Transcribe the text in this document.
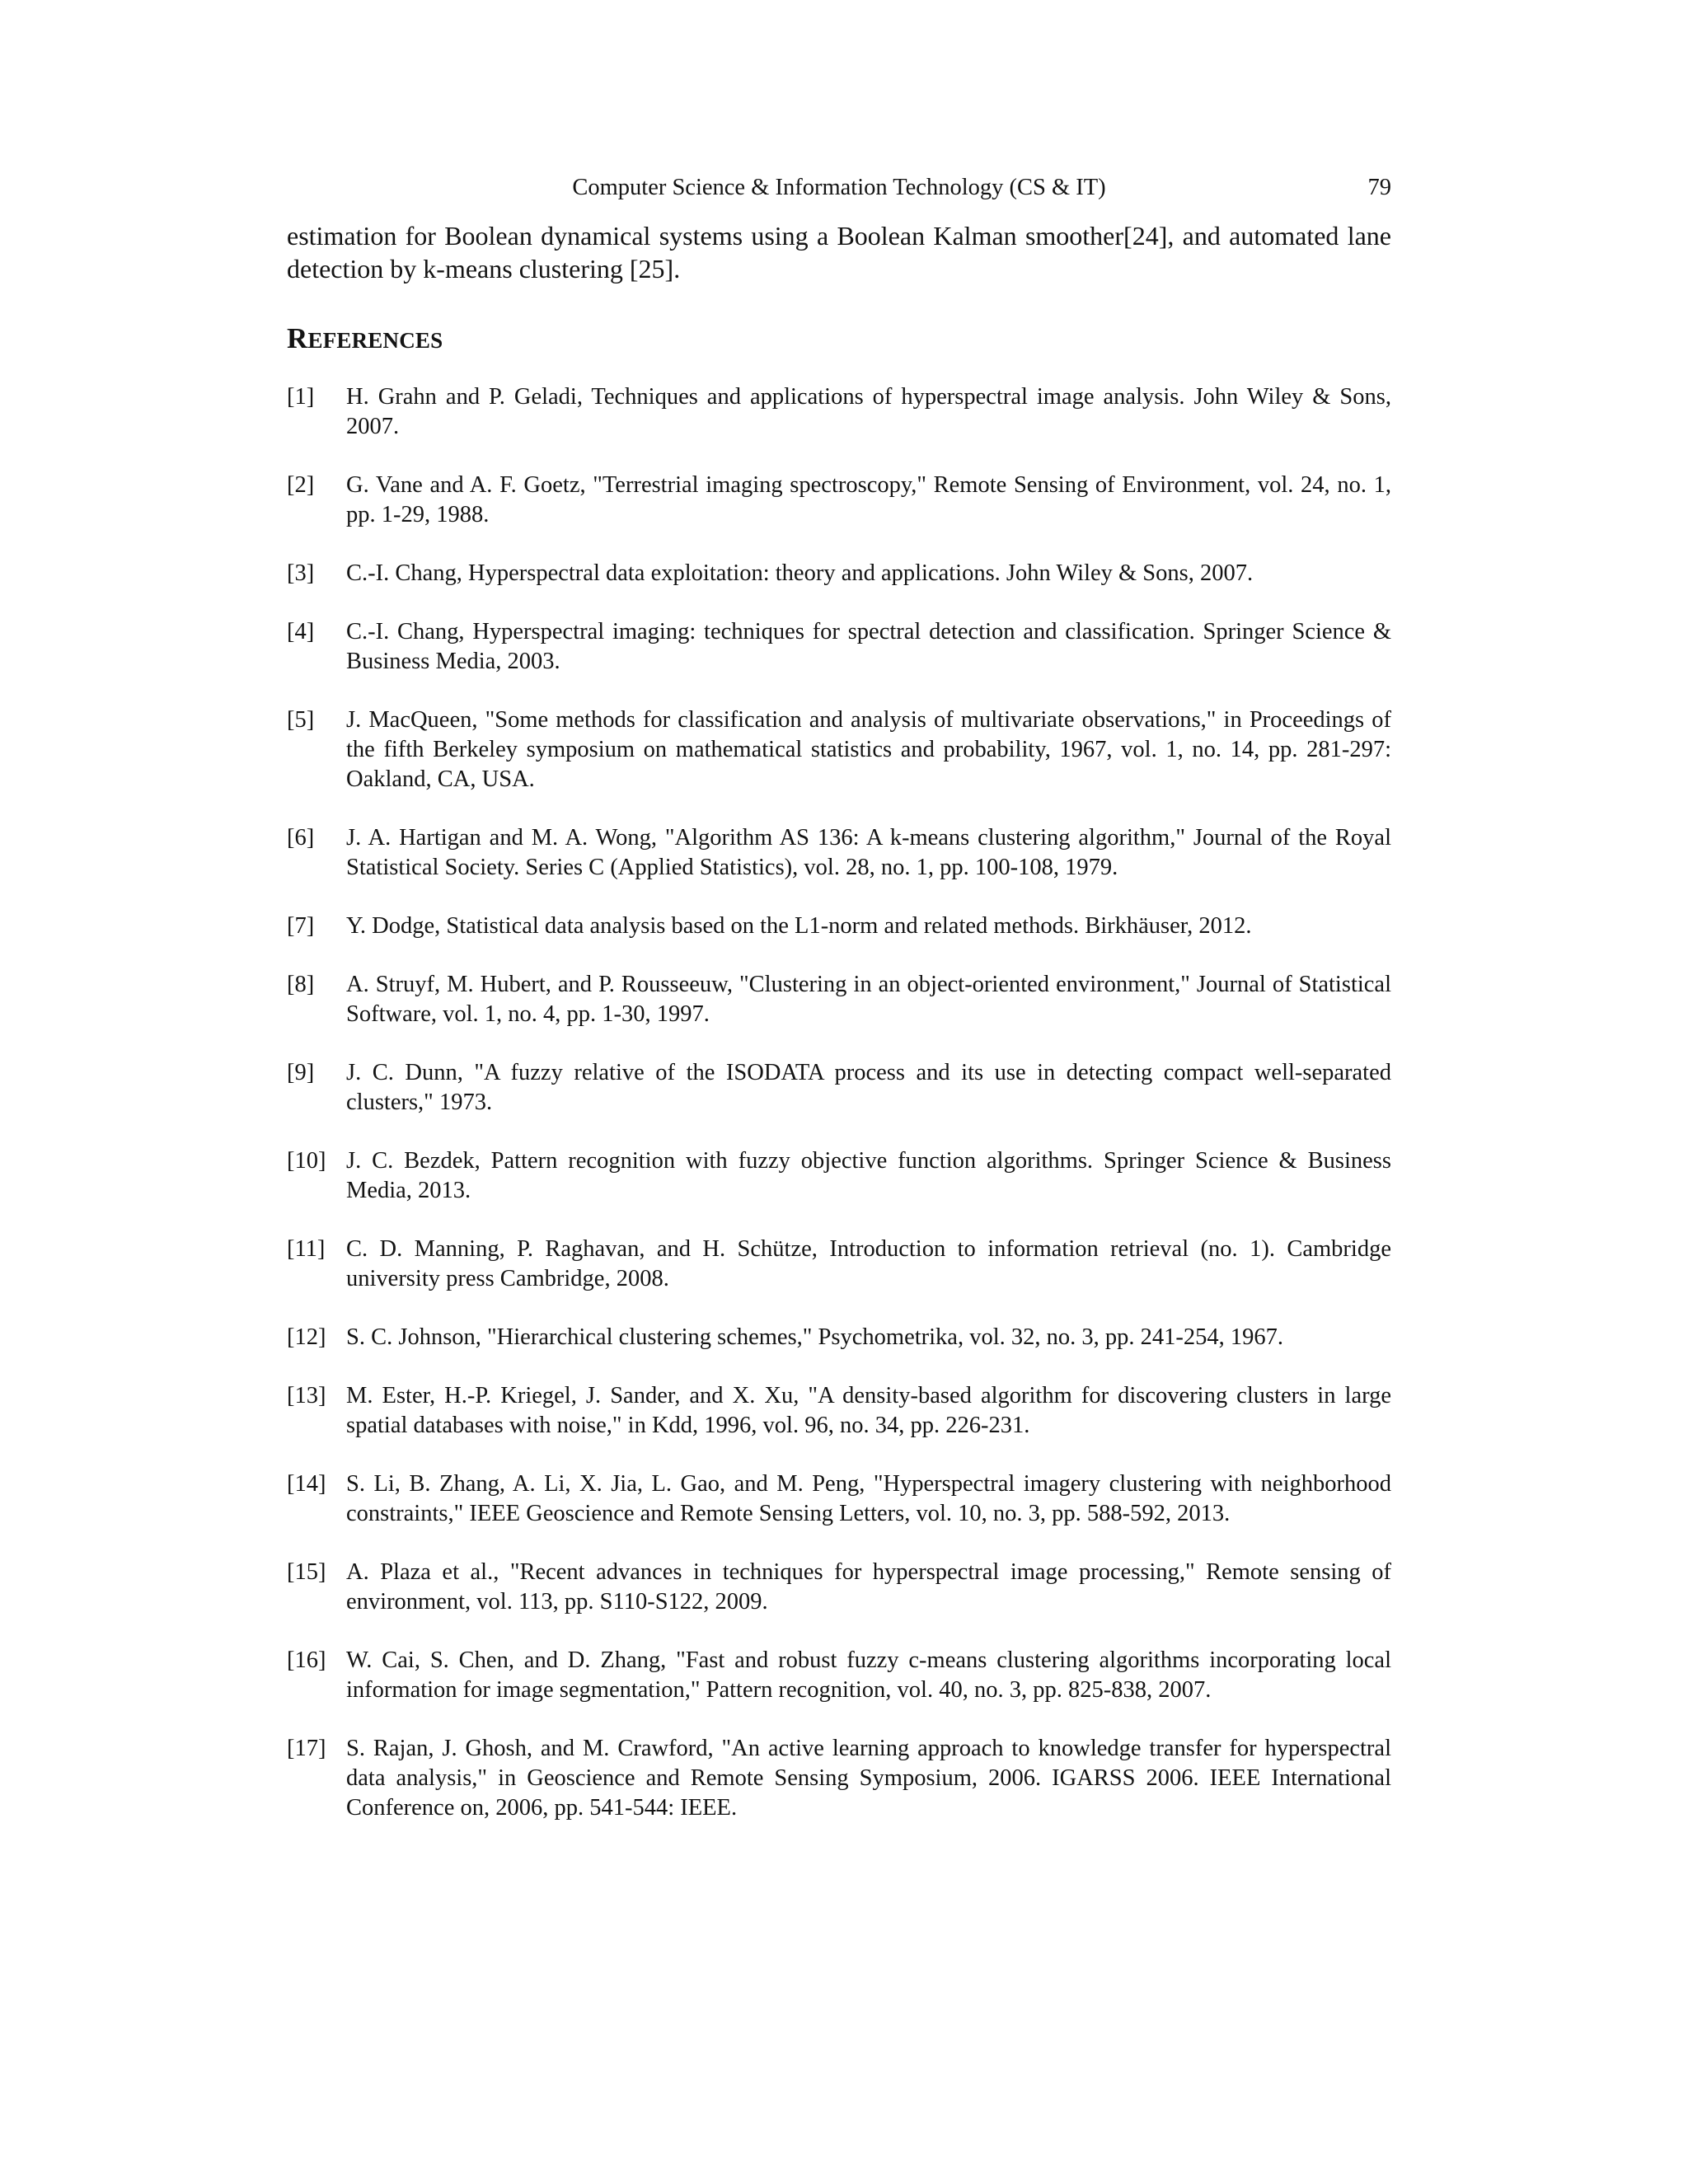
Computer Science & Information Technology (CS & IT)	79

estimation for Boolean dynamical systems using a Boolean Kalman smoother[24], and automated lane detection by k-means clustering [25].

REFERENCES
[1] H. Grahn and P. Geladi, Techniques and applications of hyperspectral image analysis. John Wiley & Sons, 2007.
[2] G. Vane and A. F. Goetz, "Terrestrial imaging spectroscopy," Remote Sensing of Environment, vol. 24, no. 1, pp. 1-29, 1988.
[3] C.-I. Chang, Hyperspectral data exploitation: theory and applications. John Wiley & Sons, 2007.
[4] C.-I. Chang, Hyperspectral imaging: techniques for spectral detection and classification. Springer Science & Business Media, 2003.
[5] J. MacQueen, "Some methods for classification and analysis of multivariate observations," in Proceedings of the fifth Berkeley symposium on mathematical statistics and probability, 1967, vol. 1, no. 14, pp. 281-297: Oakland, CA, USA.
[6] J. A. Hartigan and M. A. Wong, "Algorithm AS 136: A k-means clustering algorithm," Journal of the Royal Statistical Society. Series C (Applied Statistics), vol. 28, no. 1, pp. 100-108, 1979.
[7] Y. Dodge, Statistical data analysis based on the L1-norm and related methods. Birkhäuser, 2012.
[8] A. Struyf, M. Hubert, and P. Rousseeuw, "Clustering in an object-oriented environment," Journal of Statistical Software, vol. 1, no. 4, pp. 1-30, 1997.
[9] J. C. Dunn, "A fuzzy relative of the ISODATA process and its use in detecting compact well-separated clusters," 1973.
[10] J. C. Bezdek, Pattern recognition with fuzzy objective function algorithms. Springer Science & Business Media, 2013.
[11] C. D. Manning, P. Raghavan, and H. Schütze, Introduction to information retrieval (no. 1). Cambridge university press Cambridge, 2008.
[12] S. C. Johnson, "Hierarchical clustering schemes," Psychometrika, vol. 32, no. 3, pp. 241-254, 1967.
[13] M. Ester, H.-P. Kriegel, J. Sander, and X. Xu, "A density-based algorithm for discovering clusters in large spatial databases with noise," in Kdd, 1996, vol. 96, no. 34, pp. 226-231.
[14] S. Li, B. Zhang, A. Li, X. Jia, L. Gao, and M. Peng, "Hyperspectral imagery clustering with neighborhood constraints," IEEE Geoscience and Remote Sensing Letters, vol. 10, no. 3, pp. 588-592, 2013.
[15] A. Plaza et al., "Recent advances in techniques for hyperspectral image processing," Remote sensing of environment, vol. 113, pp. S110-S122, 2009.
[16] W. Cai, S. Chen, and D. Zhang, "Fast and robust fuzzy c-means clustering algorithms incorporating local information for image segmentation," Pattern recognition, vol. 40, no. 3, pp. 825-838, 2007.
[17] S. Rajan, J. Ghosh, and M. Crawford, "An active learning approach to knowledge transfer for hyperspectral data analysis," in Geoscience and Remote Sensing Symposium, 2006. IGARSS 2006. IEEE International Conference on, 2006, pp. 541-544: IEEE.
